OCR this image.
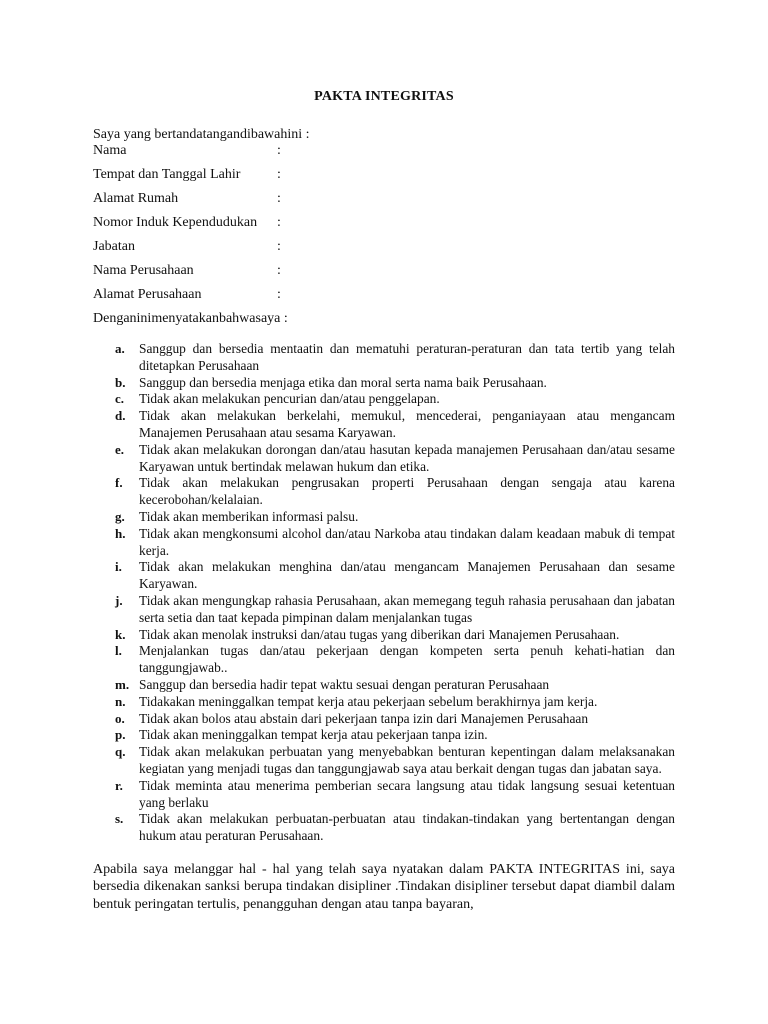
PAKTA INTEGRITAS
Saya yang bertandatangandibawahini :
Nama	:
Tempat dan Tanggal Lahir	:
Alamat Rumah	:
Nomor Induk Kependudukan	:
Jabatan	:
Nama Perusahaan	:
Alamat Perusahaan	:
Denganinimenyatakanbahwasaya :
a.	Sanggup dan bersedia mentaatin dan mematuhi peraturan-peraturan dan tata tertib yang telah ditetapkan Perusahaan
b.	Sanggup dan bersedia menjaga etika dan moral serta nama baik Perusahaan.
c.	Tidak akan melakukan pencurian dan/atau penggelapan.
d.	Tidak akan melakukan berkelahi, memukul, mencederai, penganiayaan atau mengancam Manajemen Perusahaan atau sesama Karyawan.
e.	Tidak akan melakukan dorongan dan/atau hasutan kepada manajemen Perusahaan dan/atau sesame Karyawan untuk bertindak melawan hukum dan etika.
f.	Tidak akan melakukan pengrusakan properti Perusahaan dengan sengaja atau karena kecerobohan/kelalaian.
g.	Tidak akan memberikan informasi palsu.
h.	Tidak akan mengkonsumi alcohol dan/atau Narkoba atau tindakan dalam keadaan mabuk di tempat kerja.
i.	Tidak akan melakukan menghina dan/atau mengancam Manajemen Perusahaan dan sesame Karyawan.
j.	Tidak akan mengungkap rahasia Perusahaan, akan memegang teguh rahasia perusahaan dan jabatan serta setia dan taat kepada pimpinan dalam menjalankan tugas
k.	Tidak akan menolak instruksi dan/atau tugas yang diberikan dari Manajemen Perusahaan.
l.	Menjalankan tugas dan/atau pekerjaan dengan kompeten serta penuh kehati-hatian dan tanggungjawab..
m. Sanggup dan bersedia hadir tepat waktu sesuai dengan peraturan Perusahaan
n.	Tidakakan meninggalkan tempat kerja atau pekerjaan sebelum berakhirnya jam kerja.
o.	Tidak akan bolos atau abstain dari pekerjaan tanpa izin dari Manajemen Perusahaan
p.	Tidak akan meninggalkan tempat kerja atau pekerjaan tanpa izin.
q.	Tidak akan melakukan perbuatan yang menyebabkan benturan kepentingan dalam melaksanakan kegiatan yang menjadi tugas dan tanggungjawab saya atau berkait dengan tugas dan jabatan saya.
r.	Tidak meminta atau menerima pemberian secara langsung atau tidak langsung sesuai ketentuan yang berlaku
s.	Tidak akan melakukan perbuatan-perbuatan atau tindakan-tindakan yang bertentangan dengan hukum atau peraturan Perusahaan.
Apabila saya melanggar hal - hal yang telah saya nyatakan dalam PAKTA INTEGRITAS ini, saya bersedia dikenakan sanksi berupa tindakan disipliner .Tindakan disipliner tersebut dapat diambil dalam bentuk peringatan tertulis, penangguhan dengan atau tanpa bayaran,
